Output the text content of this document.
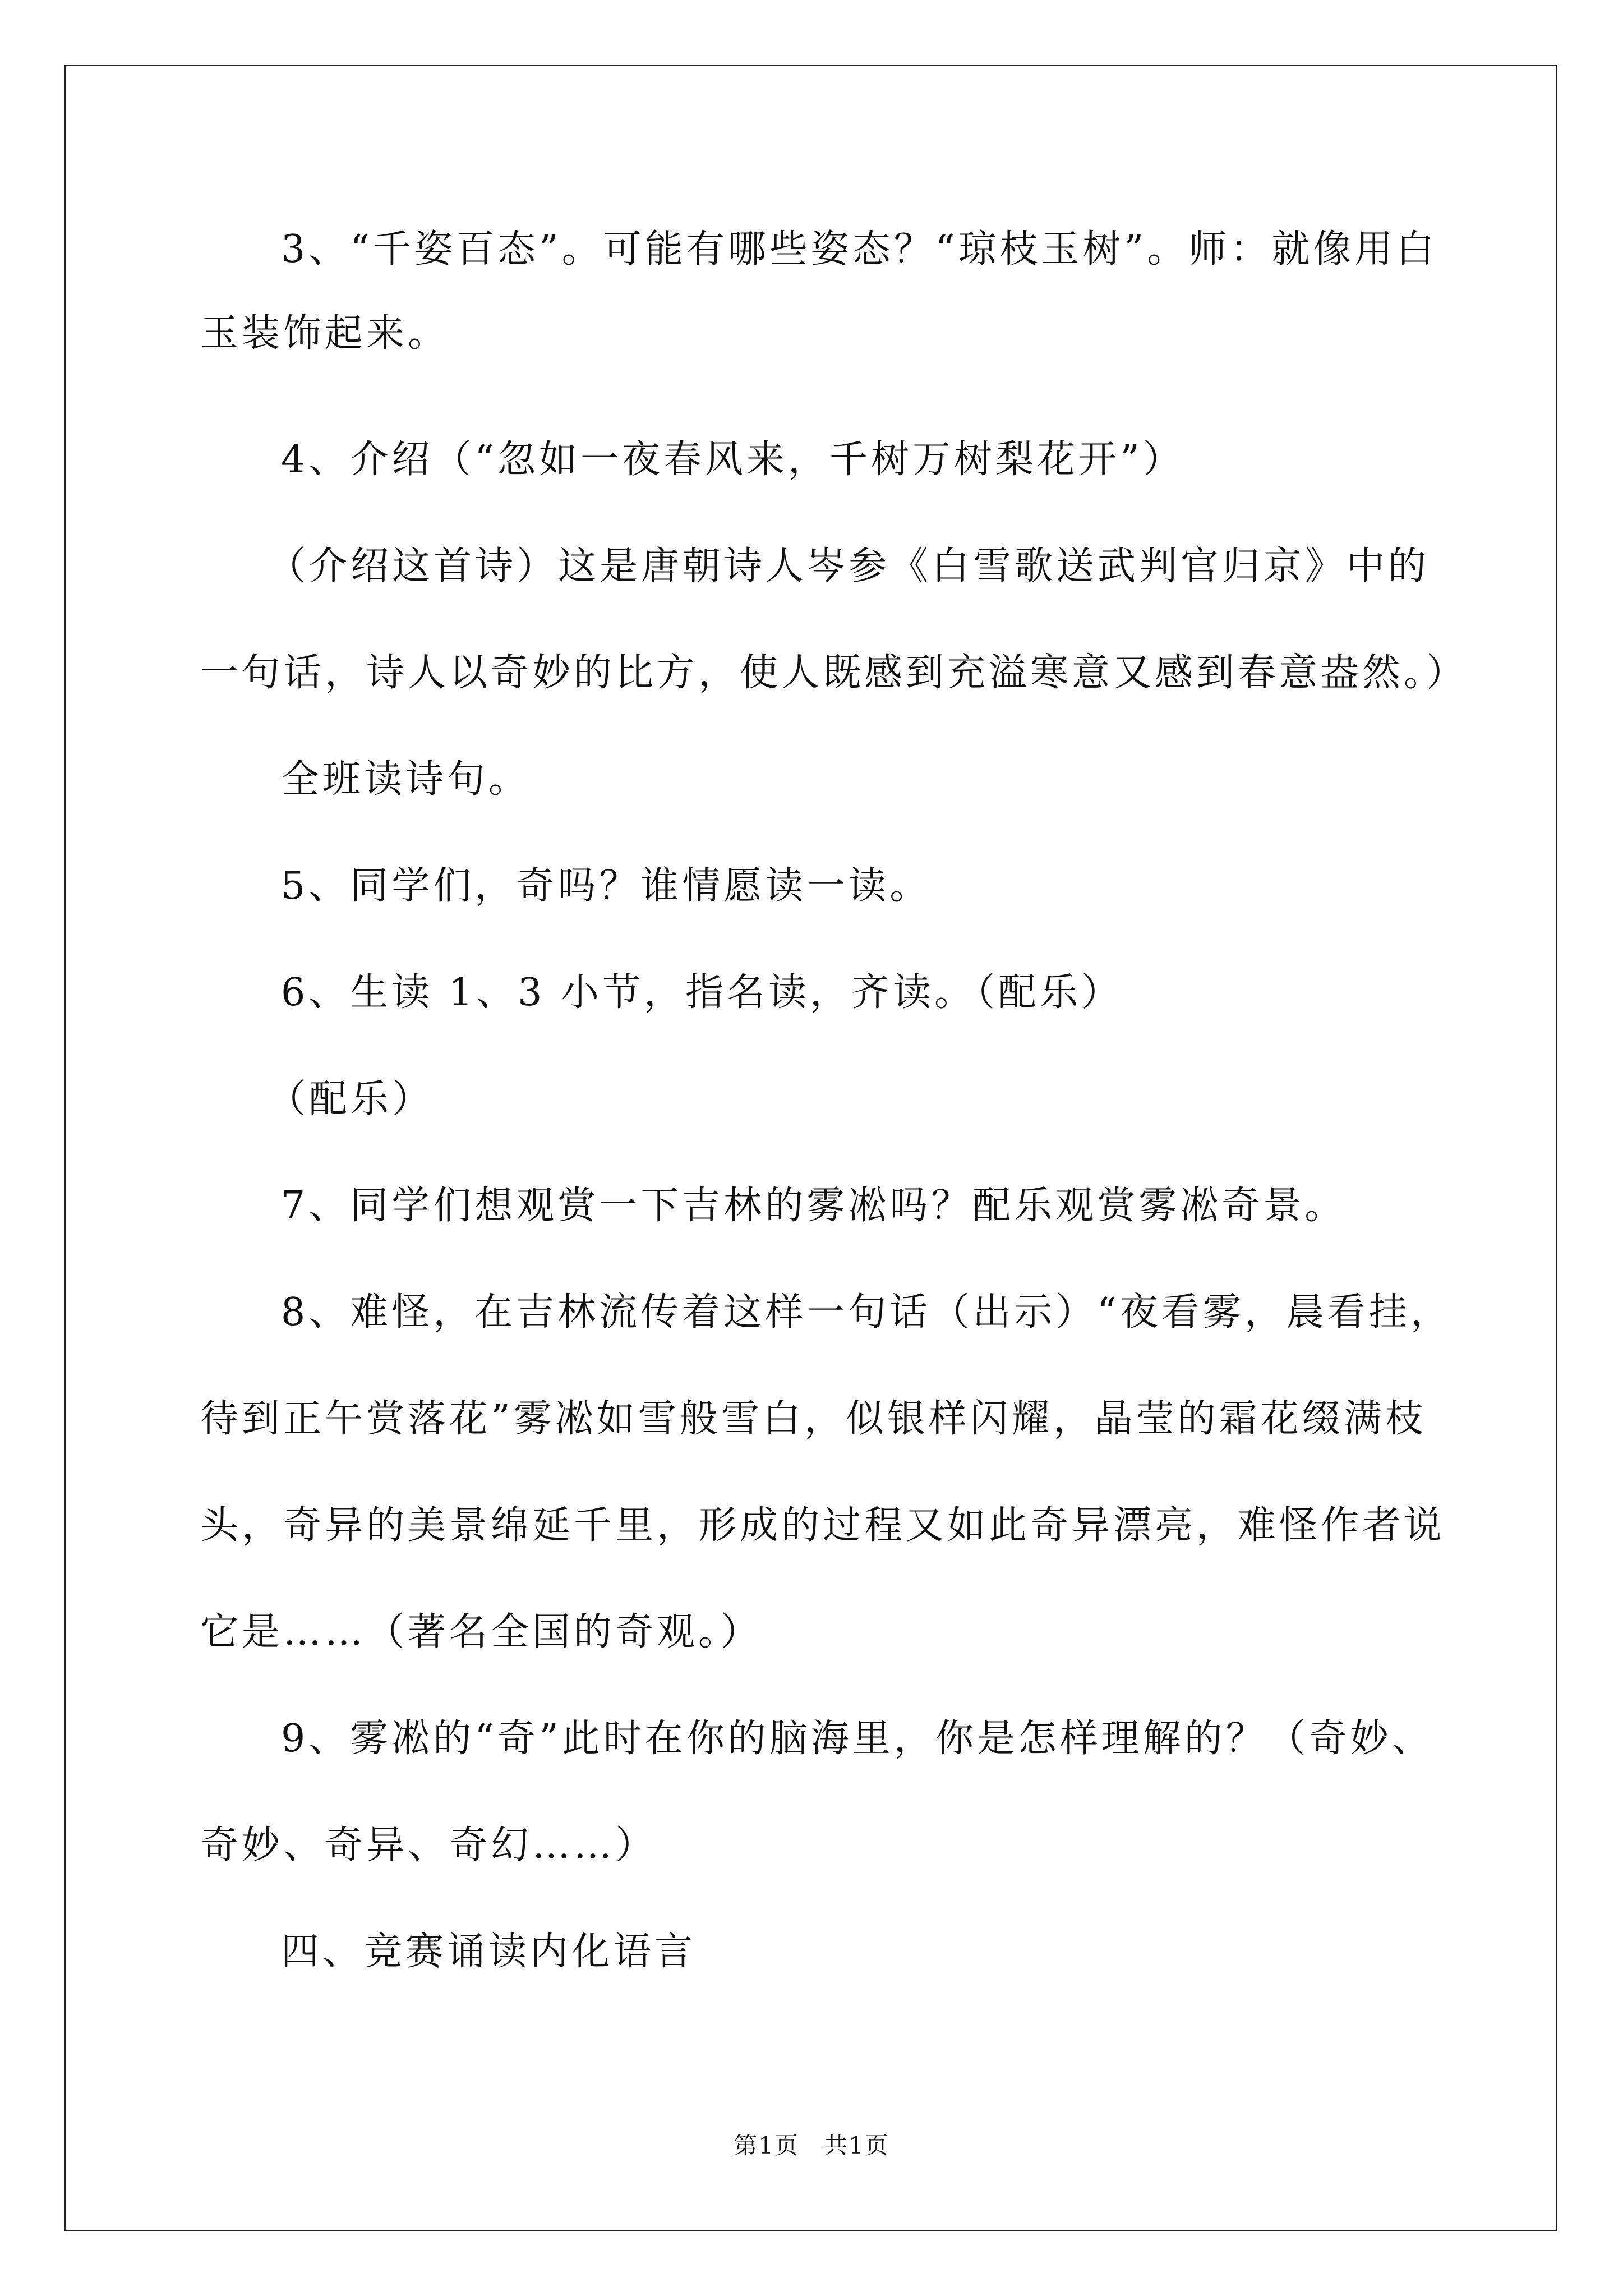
3、“千姿百态”。可能有哪些姿态？“琼枝玉树”。师：就像用白
玉装饰起来。
4、介绍（“忽如一夜春风来，千树万树梨花开”）
（介绍这首诗）这是唐朝诗人岑参《白雪歌送武判官归京》中的
一句话，诗人以奇妙的比方，使人既感到充溢寒意又感到春意盎然。）
全班读诗句。
5、同学们，奇吗？谁情愿读一读。
6、生读 1、3 小节，指名读，齐读。（配乐）
（配乐）
7、同学们想观赏一下吉林的雾凇吗？配乐观赏雾凇奇景。
8、难怪，在吉林流传着这样一句话（出示）“夜看雾，晨看挂，
待到正午赏落花”雾凇如雪般雪白，似银样闪耀，晶莹的霜花缀满枝
头，奇异的美景绵延千里，形成的过程又如此奇异漂亮，难怪作者说
它是……（著名全国的奇观。）
9、雾凇的“奇”此时在你的脑海里，你是怎样理解的？（奇妙、
奇妙、奇异、奇幻……）
四、竞赛诵读内化语言
第1页　共1页
